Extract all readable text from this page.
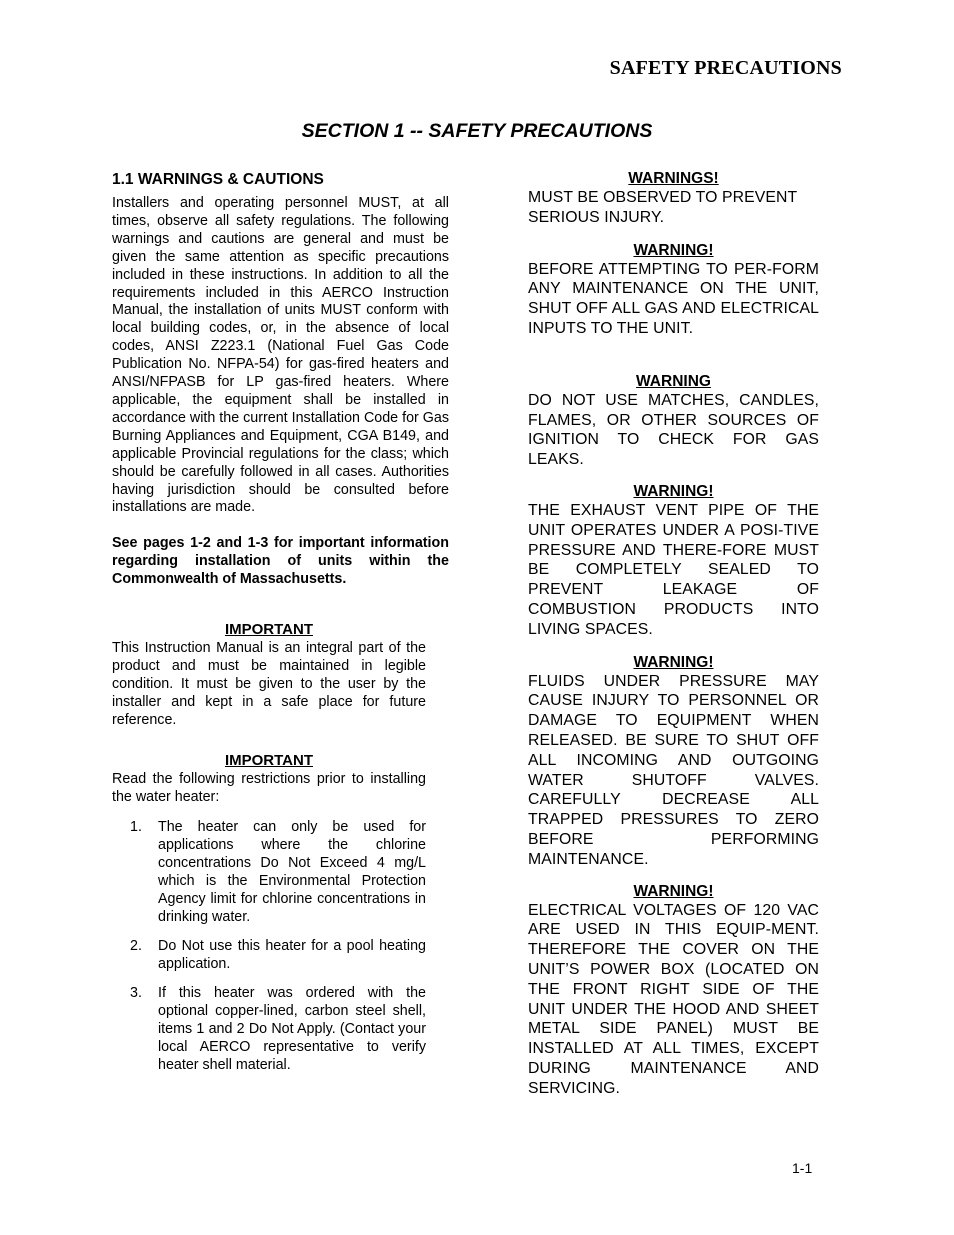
SAFETY PRECAUTIONS
SECTION 1 -- SAFETY PRECAUTIONS
1.1 WARNINGS & CAUTIONS

Installers and operating personnel MUST, at all times, observe all safety regulations. The following warnings and cautions are general and must be given the same attention as specific precautions included in these instructions. In addition to all the requirements included in this AERCO Instruction Manual, the installation of units MUST conform with local building codes, or, in the absence of local codes, ANSI Z223.1 (National Fuel Gas Code Publication No. NFPA-54) for gas-fired heaters and ANSI/NFPASB for LP gas-fired heaters. Where applicable, the equipment shall be installed in accordance with the current Installation Code for Gas Burning Appliances and Equipment, CGA B149, and applicable Provincial regulations for the class; which should be carefully followed in all cases. Authorities having jurisdiction should be consulted before installations are made.

See pages 1-2 and 1-3 for important information regarding installation of units within the Commonwealth of Massachusetts.

IMPORTANT

This Instruction Manual is an integral part of the product and must be maintained in legible condition. It must be given to the user by the installer and kept in a safe place for future reference.

IMPORTANT

Read the following restrictions prior to installing the water heater:

1.	The heater can only be used for applications where the chlorine concentrations Do Not Exceed 4 mg/L which is the Environmental Protection Agency limit for chlorine concentrations in drinking water.
2.	Do Not use this heater for a pool heating application.
3.	If this heater was ordered with the optional copper-lined, carbon steel shell, items 1 and 2 Do Not Apply. (Contact your local AERCO representative to verify heater shell material.
WARNINGS!

MUST BE OBSERVED TO PREVENT SERIOUS INJURY.

WARNING!

BEFORE ATTEMPTING TO PER-FORM ANY MAINTENANCE ON THE UNIT, SHUT OFF ALL GAS AND ELECTRICAL INPUTS TO THE UNIT.

WARNING

DO NOT USE MATCHES, CANDLES, FLAMES, OR OTHER SOURCES OF IGNITION TO CHECK FOR GAS LEAKS.

WARNING!

THE EXHAUST VENT PIPE OF THE UNIT OPERATES UNDER A POSI-TIVE PRESSURE AND THERE-FORE MUST BE COMPLETELY SEALED TO PREVENT LEAKAGE OF COMBUSTION PRODUCTS INTO LIVING SPACES.

WARNING!

FLUIDS UNDER PRESSURE MAY CAUSE INJURY TO PERSONNEL OR DAMAGE TO EQUIPMENT WHEN RELEASED. BE SURE TO SHUT OFF ALL INCOMING AND OUTGOING WATER SHUTOFF VALVES. CAREFULLY DECREASE ALL TRAPPED PRESSURES TO ZERO BEFORE PERFORMING MAINTENANCE.

WARNING!

ELECTRICAL VOLTAGES OF 120 VAC ARE USED IN THIS EQUIP-MENT. THEREFORE THE COVER ON THE UNIT’S POWER BOX (LOCATED ON THE FRONT RIGHT SIDE OF THE UNIT UNDER THE HOOD AND SHEET METAL SIDE PANEL) MUST BE INSTALLED AT ALL TIMES, EXCEPT DURING MAINTENANCE AND SERVICING.

1-1
